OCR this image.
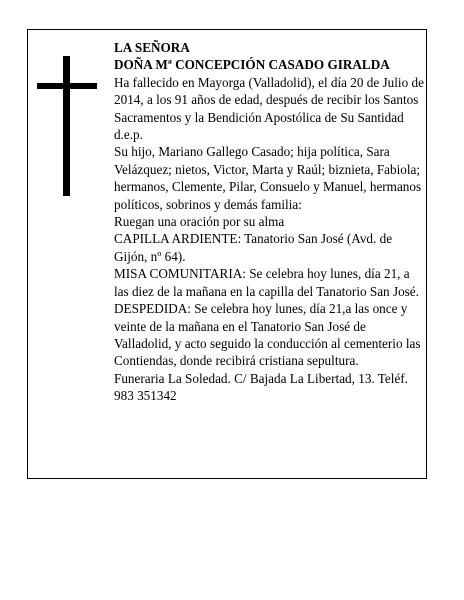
LA SEÑORA

DOÑA Mª CONCEPCIÓN CASADO GIRALDA

Ha fallecido en Mayorga (Valladolid), el día 20 de Julio de 2014, a los 91 años de edad, después de recibir los Santos Sacramentos y la Bendición Apostólica de Su Santidad

d.e.p.

Su hijo, Mariano Gallego Casado; hija política, Sara Velázquez; nietos, Victor, Marta y Raúl; biznieta, Fabiola; hermanos, Clemente, Pilar, Consuelo y Manuel, hermanos políticos, sobrinos y demás familia:

Ruegan una oración por su alma

CAPILLA ARDIENTE: Tanatorio San José (Avd. de Gijón, nº 64).

MISA COMUNITARIA: Se celebra hoy lunes, día 21, a las diez de la mañana en la capilla del Tanatorio San José.

DESPEDIDA: Se celebra hoy lunes, día 21,a las once y veinte de la mañana en el Tanatorio San José de Valladolid, y acto seguido la conducción al cementerio las Contiendas, donde recibirá cristiana sepultura.

Funeraria La Soledad. C/ Bajada La Libertad, 13. Teléf. 983 351342
